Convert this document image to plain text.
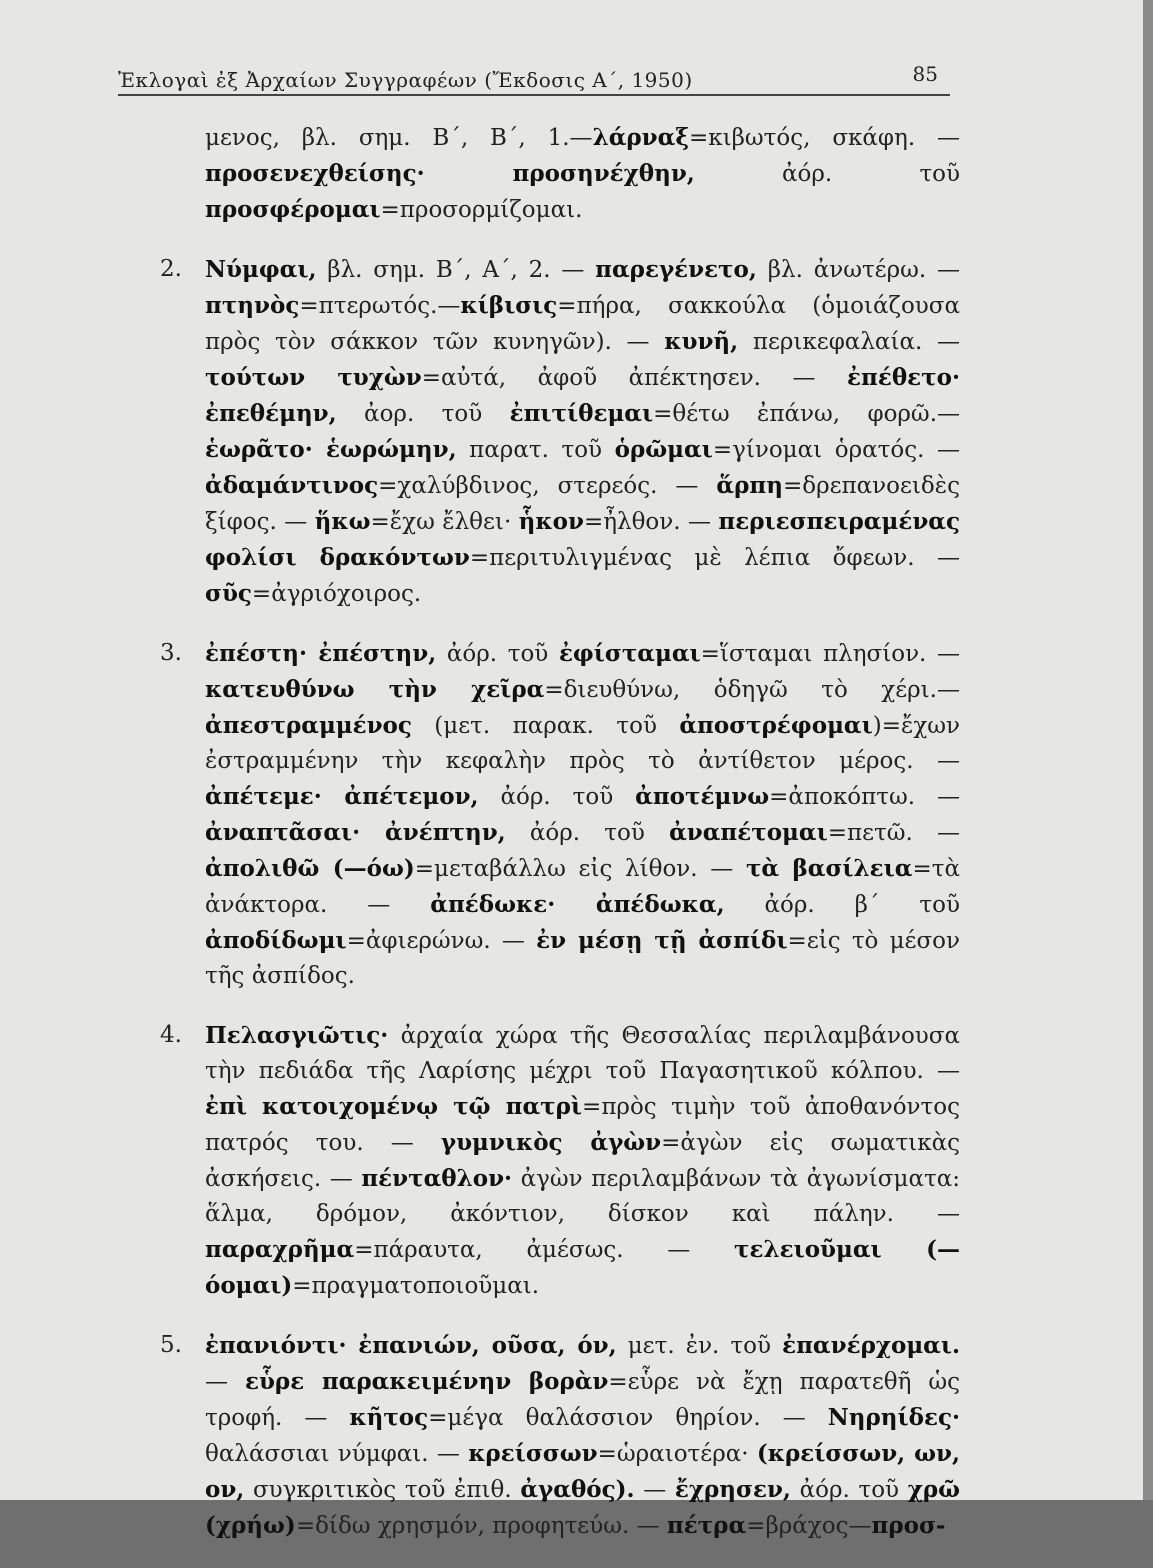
Ἐκλογαὶ ἐξ Ἀρχαίων Συγγραφέων (Ἔκδοσις Α΄, 1950)	85
μενος, βλ. σημ. Β΄, Β΄, 1.—λάρναξ=κιβωτός, σκάφη. — προσενεχθείσης· προσηνέχθην, ἀόρ. τοῦ προσφέρομαι=προσορμίζομαι.
2.	Νύμφαι, βλ. σημ. Β΄, Α΄, 2. — παρεγένετο, βλ. ἀνωτέρω. — πτηνὸς=πτερωτός.—κίβισις=πήρα, σακκούλα (ὁμοιάζουσα πρὸς τὸν σάκκον τῶν κυνηγῶν). — κυνῆ, περικεφαλαία. — τούτων τυχὼν=αὐτά, ἀφοῦ ἀπέκτησεν. — ἐπέθετο· ἐπεθέμην, ἀορ. τοῦ ἐπιτίθεμαι=θέτω ἐπάνω, φορῶ.—ἑωρᾶτο· ἑωρώμην, παρατ. τοῦ ὁρῶμαι=γίνομαι ὁρατός. — ἀδαμάντινος=χαλύβδινος, στερεός. — ἅρπη=δρεπανοειδὲς ξίφος. — ἥκω=ἔχω ἔλθει· ἧκον=ἦλθον. — περιεσπειραμένας φολίσι δρακόντων=περιτυλιγμένας μὲ λέπια ὄφεων. — σῦς=ἀγριόχοιρος.
3.	ἐπέστη· ἐπέστην, ἀόρ. τοῦ ἐφίσταμαι=ἵσταμαι πλησίον. — κατευθύνω τὴν χεῖρα=διευθύνω, ὁδηγῶ τὸ χέρι.—ἀπεστραμμένος (μετ. παρακ. τοῦ ἀποστρέφομαι)=ἔχων ἐστραμμένην τὴν κεφαλὴν πρὸς τὸ ἀντίθετον μέρος. — ἀπέτεμε· ἀπέτεμον, ἀόρ. τοῦ ἀποτέμνω=ἀποκόπτω. — ἀναπτᾶσαι· ἀνέπτην, ἀόρ. τοῦ ἀναπέτομαι=πετῶ. — ἀπολιθῶ (—όω)=μεταβάλλω εἰς λίθον. — τὰ βασίλεια=τὰ ἀνάκτορα. — ἀπέδωκε· ἀπέδωκα, ἀόρ. β΄ τοῦ ἀποδίδωμι=ἀφιερώνω. — ἐν μέσῃ τῇ ἀσπίδι=εἰς τὸ μέσον τῆς ἀσπίδος.
4.	Πελασγιῶτις· ἀρχαία χώρα τῆς Θεσσαλίας περιλαμβάνουσα τὴν πεδιάδα τῆς Λαρίσης μέχρι τοῦ Παγασητικοῦ κόλπου. — ἐπὶ κατοιχομένῳ τῷ πατρὶ=πρὸς τιμὴν τοῦ ἀποθανόντος πατρός του. — γυμνικὸς ἀγὼν=ἀγὼν εἰς σωματικὰς ἀσκήσεις. — πένταθλον· ἀγὼν περιλαμβάνων τὰ ἀγωνίσματα: ἅλμα, δρόμον, ἀκόντιον, δίσκον καὶ πάλην. — παραχρῆμα=πάραυτα, ἀμέσως. — τελειοῦμαι (—όομαι)=πραγματοποιοῦμαι.
5.	ἐπανιόντι· ἐπανιών, οῦσα, όν, μετ. ἐν. τοῦ ἐπανέρχομαι. — εὗρε παρακειμένην βορὰν=εὗρε νὰ ἔχῃ παρατεθῆ ὡς τροφή. — κῆτος=μέγα θαλάσσιον θηρίον. — Νηρηίδες· θαλάσσιαι νύμφαι. — κρείσσων=ὡραιοτέρα· (κρείσσων, ων, ον, συγκριτικὸς τοῦ ἐπιθ. ἀγαθός). — ἔχρησεν, ἀόρ. τοῦ χρῶ (χρήω)=δίδω χρησμόν, προφητεύω. — πέτρα=βράχος—προσ-
